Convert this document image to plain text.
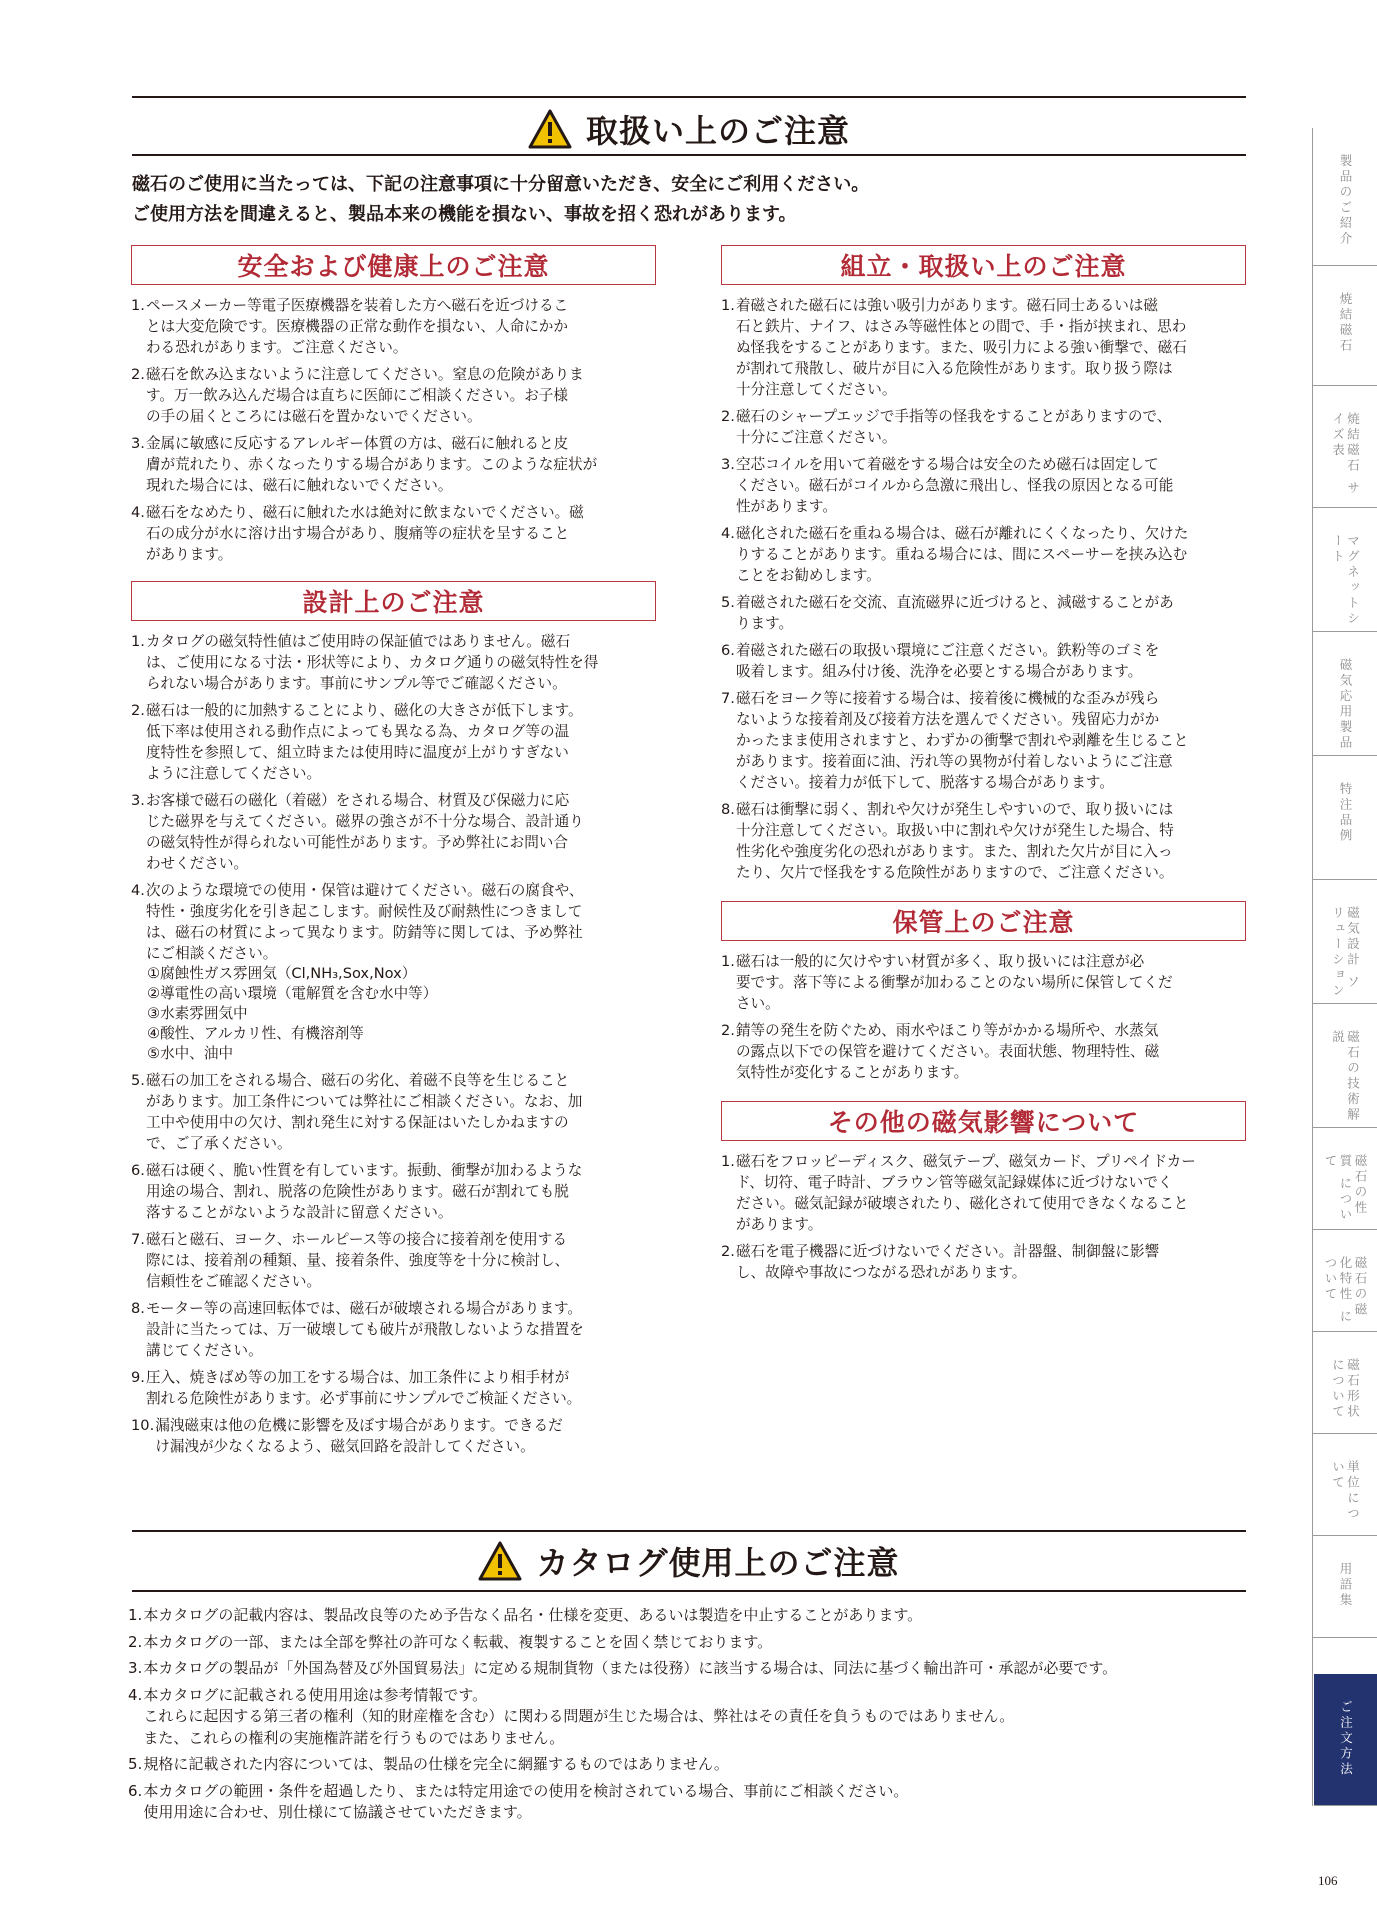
取扱い上のご注意
磁石のご使用に当たっては、下記の注意事項に十分留意いただき、安全にご利用ください。
ご使用方法を間違えると、製品本来の機能を損ない、事故を招く恐れがあります。
安全および健康上のご注意
1. ペースメーカー等電子医療機器を装着した方へ磁石を近づけるこ
とは大変危険です。医療機器の正常な動作を損ない、人命にかか
わる恐れがあります。ご注意ください。
2. 磁石を飲み込まないように注意してください。窒息の危険がありま
す。万一飲み込んだ場合は直ちに医師にご相談ください。お子様
の手の届くところには磁石を置かないでください。
3. 金属に敏感に反応するアレルギー体質の方は、磁石に触れると皮
膚が荒れたり、赤くなったりする場合があります。このような症状が
現れた場合には、磁石に触れないでください。
4. 磁石をなめたり、磁石に触れた水は絶対に飲まないでください。磁
石の成分が水に溶け出す場合があり、腹痛等の症状を呈すること
があります。
設計上のご注意
1. カタログの磁気特性値はご使用時の保証値ではありません。磁石
は、ご使用になる寸法・形状等により、カタログ通りの磁気特性を得
られない場合があります。事前にサンプル等でご確認ください。
2. 磁石は一般的に加熱することにより、磁化の大きさが低下します。
低下率は使用される動作点によっても異なる為、カタログ等の温
度特性を参照して、組立時または使用時に温度が上がりすぎない
ように注意してください。
3. お客様で磁石の磁化（着磁）をされる場合、材質及び保磁力に応
じた磁界を与えてください。磁界の強さが不十分な場合、設計通り
の磁気特性が得られない可能性があります。予め弊社にお問い合
わせください。
4. 次のような環境での使用・保管は避けてください。磁石の腐食や、
特性・強度劣化を引き起こします。耐候性及び耐熱性につきまして
は、磁石の材質によって異なります。防錆等に関しては、予め弊社
にご相談ください。
①腐蝕性ガス雰囲気（Cl,NH₃,Sox,Nox）
②導電性の高い環境（電解質を含む水中等）
③水素雰囲気中
④酸性、アルカリ性、有機溶剤等
⑤水中、油中
5. 磁石の加工をされる場合、磁石の劣化、着磁不良等を生じること
があります。加工条件については弊社にご相談ください。なお、加
工中や使用中の欠け、割れ発生に対する保証はいたしかねますの
で、ご了承ください。
6. 磁石は硬く、脆い性質を有しています。振動、衝撃が加わるような
用途の場合、割れ、脱落の危険性があります。磁石が割れても脱
落することがないような設計に留意ください。
7. 磁石と磁石、ヨーク、ホールピース等の接合に接着剤を使用する
際には、接着剤の種類、量、接着条件、強度等を十分に検討し、
信頼性をご確認ください。
8. モーター等の高速回転体では、磁石が破壊される場合があります。
設計に当たっては、万一破壊しても破片が飛散しないような措置を
講じてください。
9. 圧入、焼きばめ等の加工をする場合は、加工条件により相手材が
割れる危険性があります。必ず事前にサンプルでご検証ください。
10. 漏洩磁束は他の危機に影響を及ぼす場合があります。できるだ
け漏洩が少なくなるよう、磁気回路を設計してください。
組立・取扱い上のご注意
1. 着磁された磁石には強い吸引力があります。磁石同士あるいは磁
石と鉄片、ナイフ、はさみ等磁性体との間で、手・指が挟まれ、思わ
ぬ怪我をすることがあります。また、吸引力による強い衝撃で、磁石
が割れて飛散し、破片が目に入る危険性があります。取り扱う際は
十分注意してください。
2. 磁石のシャープエッジで手指等の怪我をすることがありますので、
十分にご注意ください。
3. 空芯コイルを用いて着磁をする場合は安全のため磁石は固定して
ください。磁石がコイルから急激に飛出し、怪我の原因となる可能
性があります。
4. 磁化された磁石を重ねる場合は、磁石が離れにくくなったり、欠けた
りすることがあります。重ねる場合には、間にスペーサーを挟み込む
ことをお勧めします。
5. 着磁された磁石を交流、直流磁界に近づけると、減磁することがあ
ります。
6. 着磁された磁石の取扱い環境にご注意ください。鉄粉等のゴミを
吸着します。組み付け後、洗浄を必要とする場合があります。
7. 磁石をヨーク等に接着する場合は、接着後に機械的な歪みが残ら
ないような接着剤及び接着方法を選んでください。残留応力がか
かったまま使用されますと、わずかの衝撃で割れや剥離を生じること
があります。接着面に油、汚れ等の異物が付着しないようにご注意
ください。接着力が低下して、脱落する場合があります。
8. 磁石は衝撃に弱く、割れや欠けが発生しやすいので、取り扱いには
十分注意してください。取扱い中に割れや欠けが発生した場合、特
性劣化や強度劣化の恐れがあります。また、割れた欠片が目に入っ
たり、欠片で怪我をする危険性がありますので、ご注意ください。
保管上のご注意
1. 磁石は一般的に欠けやすい材質が多く、取り扱いには注意が必
要です。落下等による衝撃が加わることのない場所に保管してくだ
さい。
2. 錆等の発生を防ぐため、雨水やほこり等がかかる場所や、水蒸気
の露点以下での保管を避けてください。表面状態、物理特性、磁
気特性が変化することがあります。
その他の磁気影響について
1. 磁石をフロッピーディスク、磁気テープ、磁気カード、プリペイドカー
ド、切符、電子時計、ブラウン管等磁気記録媒体に近づけないでく
ださい。磁気記録が破壊されたり、磁化されて使用できなくなること
があります。
2. 磁石を電子機器に近づけないでください。計器盤、制御盤に影響
し、故障や事故につながる恐れがあります。
カタログ使用上のご注意
1. 本カタログの記載内容は、製品改良等のため予告なく品名・仕様を変更、あるいは製造を中止することがあります。
2. 本カタログの一部、または全部を弊社の許可なく転載、複製することを固く禁じております。
3. 本カタログの製品が「外国為替及び外国貿易法」に定める規制貨物（または役務）に該当する場合は、同法に基づく輸出許可・承認が必要です。
4. 本カタログに記載される使用用途は参考情報です。
これらに起因する第三者の権利（知的財産権を含む）に関わる問題が生じた場合は、弊社はその責任を負うものではありません。
また、これらの権利の実施権許諾を行うものではありません。
5. 規格に記載された内容については、製品の仕様を完全に網羅するものではありません。
6. 本カタログの範囲・条件を超過したり、または特定用途での使用を検討されている場合、事前にご相談ください。
使用用途に合わせ、別仕様にて協議させていただきます。
製品のご紹介
焼結磁石
焼結磁石 サイズ表
マグネットシート
磁気応用製品
特注品例
磁気設計 ソリューション
磁石の技術解説
磁石の性質 について
磁石の磁化特性 について
磁石形状 について
単位について
用語集
ご注文方法
106
